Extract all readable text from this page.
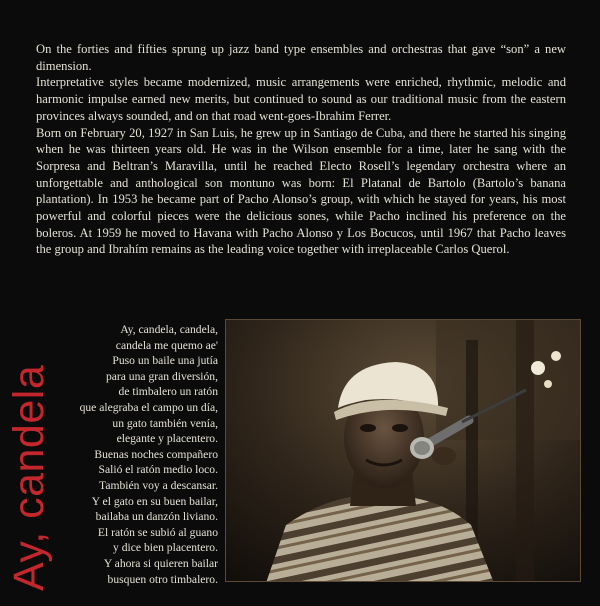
On the forties and fifties sprung up jazz band type ensembles and orchestras that gave “son” a new dimension.

Interpretative styles became modernized, music arrangements were enriched, rhythmic, melodic and harmonic impulse earned new merits, but continued to sound as our traditional music from the eastern provinces always sounded, and on that road went-goes-Ibrahim Ferrer.

Born on February 20, 1927 in San Luis, he grew up in Santiago de Cuba, and there he started his singing when he was thirteen years old. He was in the Wilson ensemble for a time, later he sang with the Sorpresa and Beltran’s Maravilla, until he reached Electo Rosell’s legendary orchestra where an unforgettable and anthological son montuno was born: El Platanal de Bartolo (Bartolo’s banana plantation). In 1953 he became part of Pacho Alonso’s group, with which he stayed for years, his most powerful and colorful pieces were the delicious sones, while Pacho inclined his preference on the boleros. At 1959 he moved to Havana with Pacho Alonso y Los Bocucos, until 1967 that Pacho leaves the group and Ibrahím remains as the leading voice together with irreplaceable Carlos Querol.

Ay, candela
Ay, candela, candela,
candela me quemo ae'
Puso un baile una jutía
para una gran diversión,
de timbalero un ratón
que alegraba el campo un día,
un gato también venía,
elegante y placentero.
Buenas noches compañero
Salió el ratón medio loco.
También voy a descansar.
Y el gato en su buen bailar,
bailaba un danzón liviano.
El ratón se subió al guano
y dice bien placentero.
Y ahora si quieren bailar
busquen otro timbalero.
